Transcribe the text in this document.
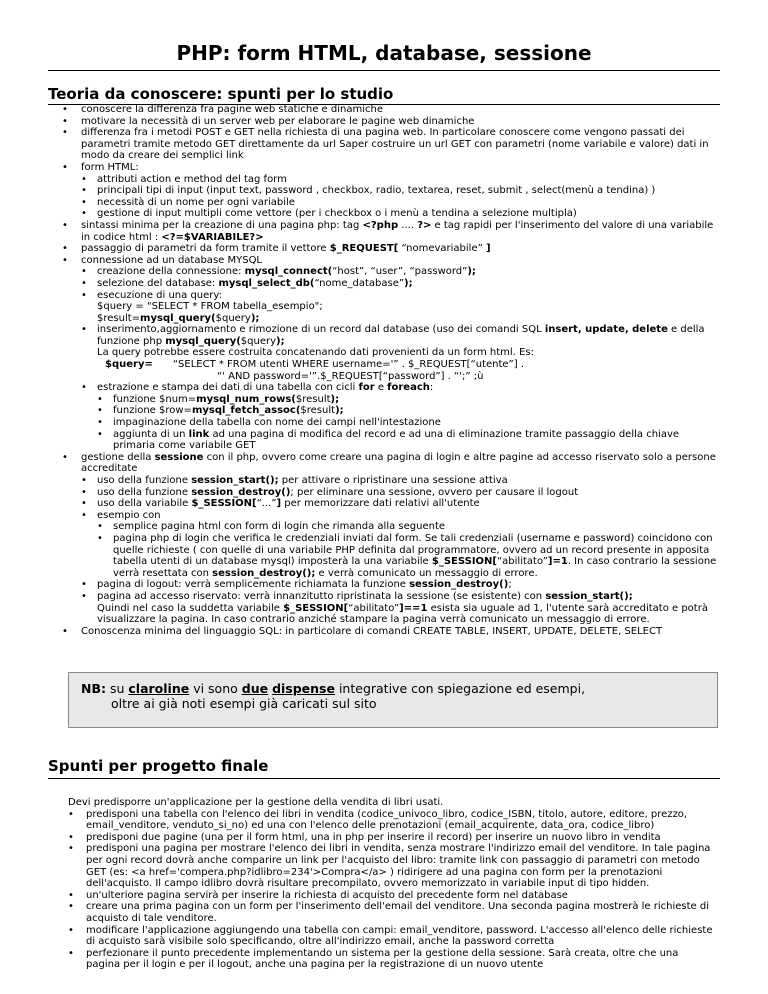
PHP: form HTML, database, sessione
Teoria da conoscere: spunti per lo studio
• conoscere la differenza fra pagine web statiche e dinamiche
• motivare la necessità di un server web per elaborare le pagine web dinamiche
• differenza fra i metodi POST e GET nella richiesta di una pagina web. In particolare conoscere come vengono passati dei parametri tramite metodo GET direttamente da url Saper costruire un url GET con parametri (nome variabile e valore) dati in modo da creare dei semplici link
• form HTML:
• attributi action e method del tag form
• principali tipi di input (input text, password , checkbox, radio, textarea, reset, submit , select(menù a tendina) )
• necessità di un nome per ogni variabile
• gestione di input multipli come vettore (per i checkbox o i menù a tendina a selezione multipla)
• sintassi minima per la creazione di una pagina php: tag <?php .... ?> e tag rapidi per l'inserimento del valore di una variabile in codice html : <?=$VARIABILE?>
• passaggio di parametri da form tramite il vettore $_REQUEST[ “nomevariabile” ]
• connessione ad un database MYSQL
• creazione della connessione: mysql_connect(“host”, “user”, “password”);
• selezione del database: mysql_select_db(“nome_database”);
• esecuzione di una query:
$query = "SELECT * FROM tabella_esempio";
$result=mysql_query($query);
• inserimento,aggiornamento e rimozione di un record dal database (uso dei comandi SQL insert, update, delete e della funzione php mysql_query($query);
La query potrebbe essere costruita concatenando dati provenienti da un form html. Es:
$query= “SELECT * FROM utenti WHERE username='” . $_REQUEST[“utente”] .
“' AND password='”.$_REQUEST[“password”] . “';” ;ù
• estrazione e stampa dei dati di una tabella con cicli for e foreach:
• funzione $num=mysql_num_rows($result);
• funzione $row=mysql_fetch_assoc($result);
• impaginazione della tabella con nome dei campi nell'intestazione
• aggiunta di un link ad una pagina di modifica del record e ad una di eliminazione tramite passaggio della chiave primaria come variabile GET
• gestione della sessione con il php, ovvero come creare una pagina di login e altre pagine ad accesso riservato solo a persone accreditate
• uso della funzione session_start(); per attivare o ripristinare una sessione attiva
• uso della funzione session_destroy(); per eliminare una sessione, ovvero per causare il logout
• uso della variabile $_SESSION[“...”] per memorizzare dati relativi all'utente
• esempio con
• semplice pagina html con form di login che rimanda alla seguente
• pagina php di login che verifica le credenziali inviati dal form. Se tali credenziali (username e password) coincidono con quelle richieste ( con quelle di una variabile PHP definita dal programmatore, ovvero ad un record presente in apposita tabella utenti di un database mysql) imposterà la una variabile $_SESSION[“abilitato”]=1. In caso contrario la sessione verrà resettata con session_destroy(); e verrà comunicato un messaggio di errore.
• pagina di logout: verrà semplicemente richiamata la funzione session_destroy();
• pagina ad accesso riservato: verrà innanzitutto ripristinata la sessione (se esistente) con session_start();
Quindi nel caso la suddetta variabile $_SESSION[“abilitato”]==1 esista sia uguale ad 1, l'utente sarà accreditato e potrà visualizzare la pagina. In caso contrario anziché stampare la pagina verrà comunicato un messaggio di errore.
• Conoscenza minima del linguaggio SQL: in particolare di comandi CREATE TABLE, INSERT, UPDATE, DELETE, SELECT
NB: su claroline vi sono due dispense integrative con spiegazione ed esempi,
oltre ai già noti esempi già caricati sul sito
Spunti per progetto finale
Devi predisporre un'applicazione per la gestione della vendita di libri usati.
• predisponi una tabella con l'elenco dei libri in vendita (codice_univoco_libro, codice_ISBN, titolo, autore, editore, prezzo, email_venditore, venduto_si_no) ed una con l'elenco delle prenotazioni (email_acquirente, data_ora, codice_libro)
• predisponi due pagine (una per il form html, una in php per inserire il record) per inserire un nuovo libro in vendita
• predisponi una pagina per mostrare l'elenco dei libri in vendita, senza mostrare l'indirizzo email del venditore. In tale pagina per ogni record dovrà anche comparire un link per l'acquisto del libro: tramite link con passaggio di parametri con metodo GET (es: <a href='compera.php?idlibro=234'>Compra</a> ) ridirigere ad una pagina con form per la prenotazioni dell'acquisto. Il campo idlibro dovrà risultare precompilato, ovvero memorizzato in variabile input di tipo hidden.
• un'ulteriore pagina servirà per inserire la richiesta di acquisto del precedente form nel database
• creare una prima pagina con un form per l'inserimento dell'email del venditore. Una seconda pagina mostrerà le richieste di acquisto di tale venditore.
• modificare l'applicazione aggiungendo una tabella con campi: email_venditore, password. L'accesso all'elenco delle richieste di acquisto sarà visibile solo specificando, oltre all'indirizzo email, anche la password corretta
• perfezionare il punto precedente implementando un sistema per la gestione della sessione. Sarà creata, oltre che una pagina per il login e per il logout, anche una pagina per la registrazione di un nuovo utente
